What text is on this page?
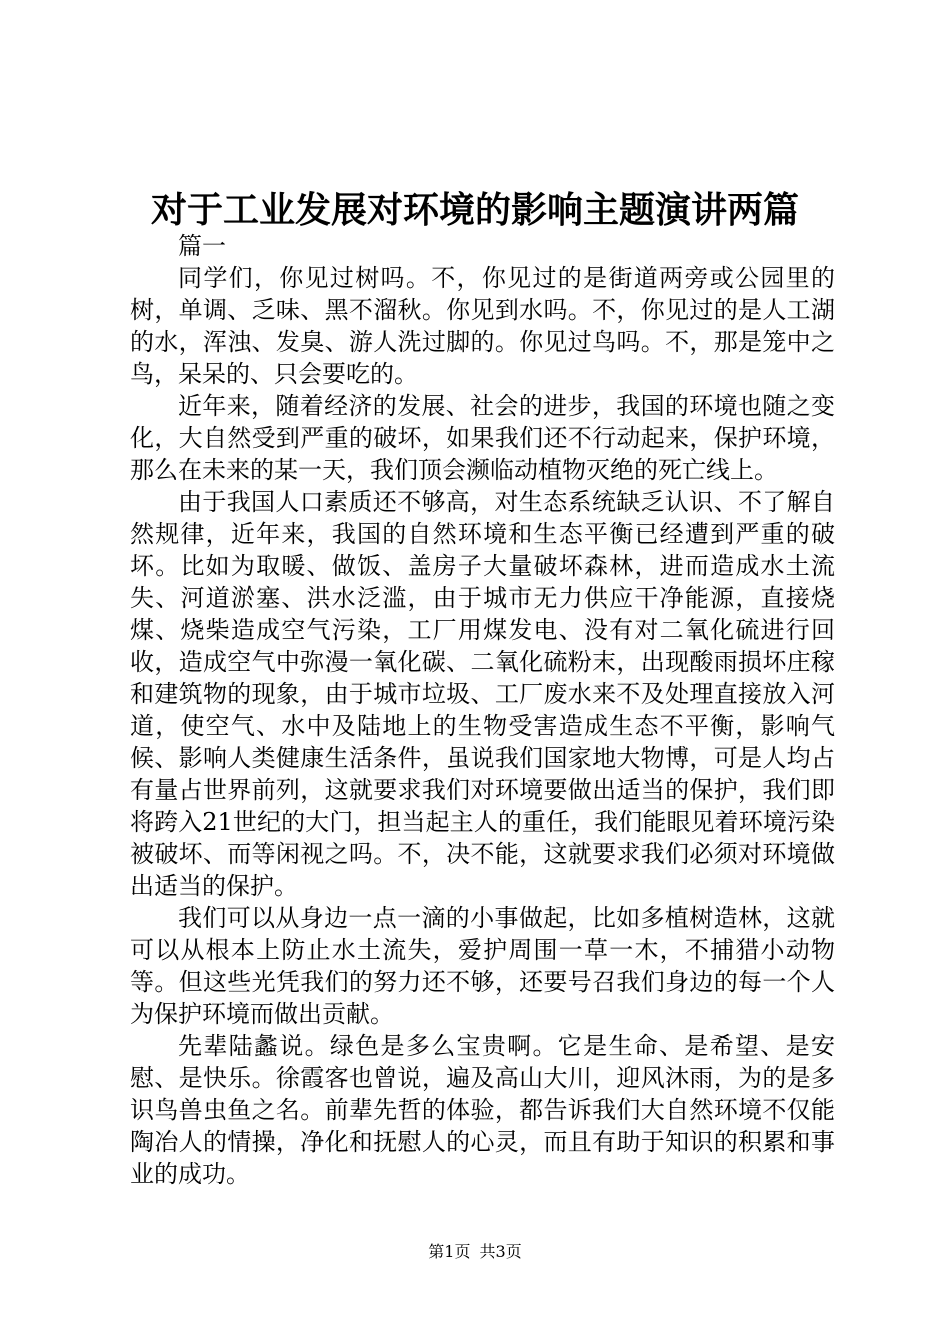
对于工业发展对环境的影响主题演讲两篇

篇一

同学们，你见过树吗。不，你见过的是街道两旁或公园里的树，单调、乏味、黑不溜秋。你见到水吗。不，你见过的是人工湖的水，浑浊、发臭、游人洗过脚的。你见过鸟吗。不，那是笼中之鸟，呆呆的、只会要吃的。

近年来，随着经济的发展、社会的进步，我国的环境也随之变化，大自然受到严重的破坏，如果我们还不行动起来，保护环境，那么在未来的某一天，我们顶会濒临动植物灭绝的死亡线上。

由于我国人口素质还不够高，对生态系统缺乏认识、不了解自然规律，近年来，我国的自然环境和生态平衡已经遭到严重的破坏。比如为取暖、做饭、盖房子大量破坏森林，进而造成水土流失、河道淤塞、洪水泛滥，由于城市无力供应干净能源，直接烧煤、烧柴造成空气污染，工厂用煤发电、没有对二氧化硫进行回收，造成空气中弥漫一氧化碳、二氧化硫粉末，出现酸雨损坏庄稼和建筑物的现象，由于城市垃圾、工厂废水来不及处理直接放入河道，使空气、水中及陆地上的生物受害造成生态不平衡，影响气候、影响人类健康生活条件，虽说我们国家地大物博，可是人均占有量占世界前列，这就要求我们对环境要做出适当的保护，我们即将跨入21世纪的大门，担当起主人的重任，我们能眼见着环境污染被破坏、而等闲视之吗。不，决不能，这就要求我们必须对环境做出适当的保护。

我们可以从身边一点一滴的小事做起，比如多植树造林，这就可以从根本上防止水土流失，爱护周围一草一木，不捕猎小动物等。但这些光凭我们的努力还不够，还要号召我们身边的每一个人为保护环境而做出贡献。

先辈陆蠡说。绿色是多么宝贵啊。它是生命、是希望、是安慰、是快乐。徐霞客也曾说，遍及高山大川，迎风沐雨，为的是多识鸟兽虫鱼之名。前辈先哲的体验，都告诉我们大自然环境不仅能陶冶人的情操，净化和抚慰人的心灵，而且有助于知识的积累和事业的成功。

第1页 共3页
